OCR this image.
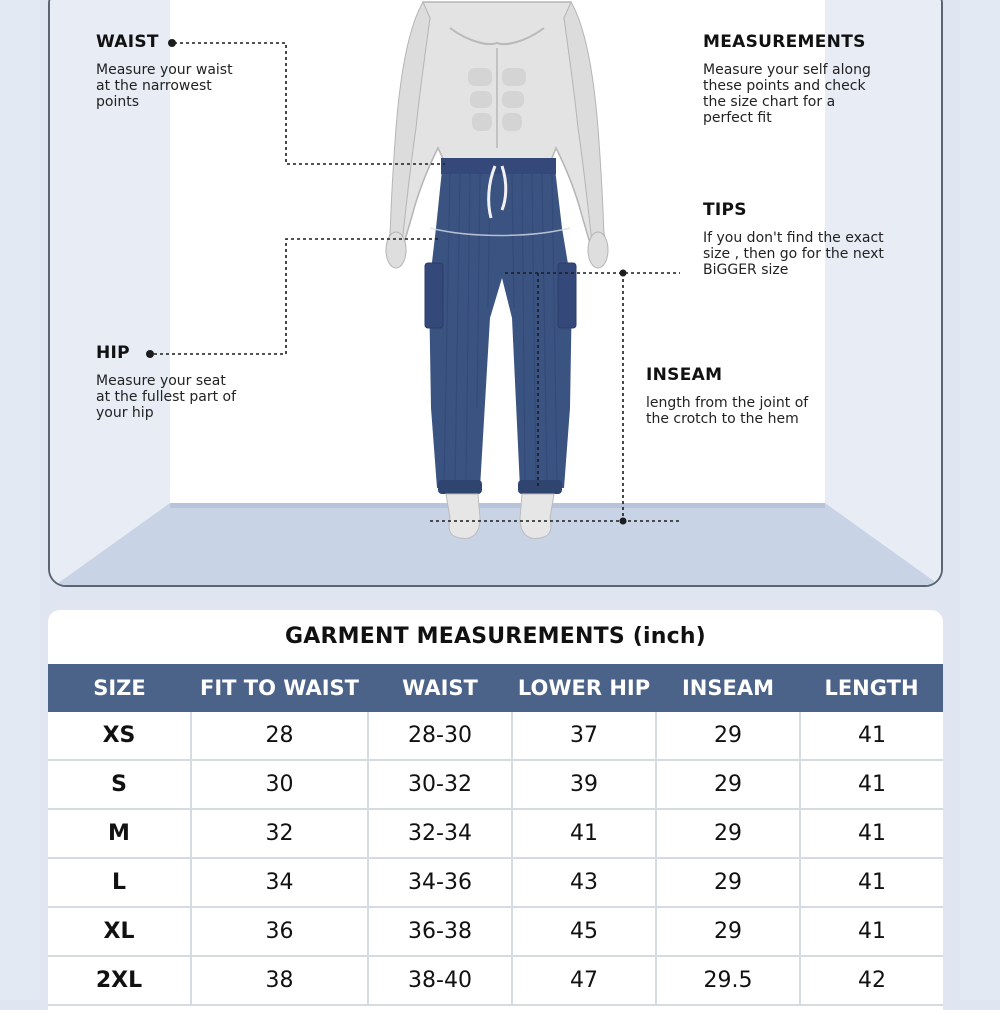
WAIST
Measure your waist
at the narrowest
points
HIP
Measure your seat
at the fullest part of
your hip
MEASUREMENTS
Measure your self along
these points and check
the size chart for a
perfect fit
TIPS
If you don't find the exact
size , then go for the next
BiGGER size
INSEAM
length from the joint of
the crotch to the hem
GARMENT MEASUREMENTS (inch)
SIZE	FIT TO WAIST	WAIST	LOWER HIP	INSEAM	LENGTH
XS	28	28-30	37	29	41
S	30	30-32	39	29	41
M	32	32-34	41	29	41
L	34	34-36	43	29	41
XL	36	36-38	45	29	41
2XL	38	38-40	47	29.5	42
